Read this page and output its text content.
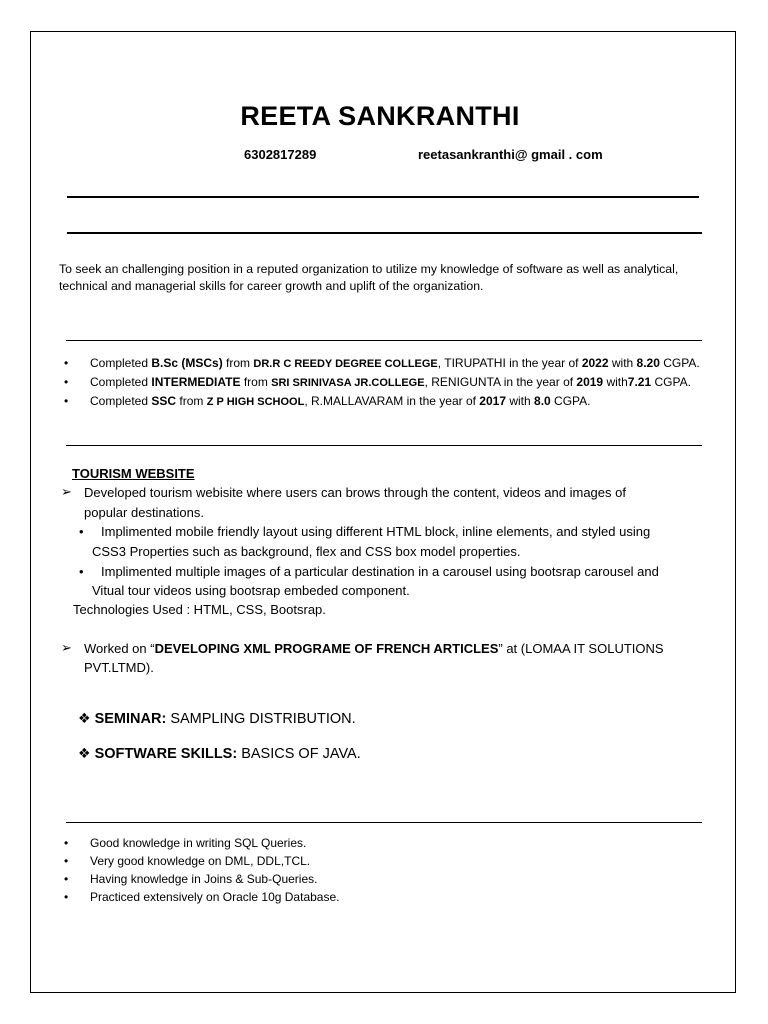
REETA SANKRANTHI
6302817289	reetasankranthi@ gmail . com
To seek an challenging position in a reputed organization to utilize my knowledge of software as well as analytical, technical and managerial skills for career growth and uplift of the organization.
• Completed B.Sc (MSCs) from DR.R C REEDY DEGREE COLLEGE, TIRUPATHI in the year of 2022 with 8.20 CGPA.
• Completed INTERMEDIATE from SRI SRINIVASA JR.COLLEGE, RENIGUNTA in the year of 2019 with7.21 CGPA.
• Completed SSC from Z P HIGH SCHOOL, R.MALLAVARAM in the year of 2017 with 8.0 CGPA.
TOURISM WEBSITE
➢ Developed tourism webisite where users can brows through the content, videos and images of
popular destinations.
• Implimented mobile friendly layout using different HTML block, inline elements, and styled using
CSS3 Properties such as background, flex and CSS box model properties.
• Implimented multiple images of a particular destination in a carousel using bootsrap carousel and
Vitual tour videos using bootsrap embeded component.
Technologies Used : HTML, CSS, Bootsrap.
➢ Worked on “DEVELOPING XML PROGRAME OF FRENCH ARTICLES” at (LOMAA IT SOLUTIONS
PVT.LTMD).
❖ SEMINAR: SAMPLING DISTRIBUTION.
❖ SOFTWARE SKILLS: BASICS OF JAVA.
• Good knowledge in writing SQL Queries.
• Very good knowledge on DML, DDL,TCL.
• Having knowledge in Joins & Sub-Queries.
• Practiced extensively on Oracle 10g Database.
